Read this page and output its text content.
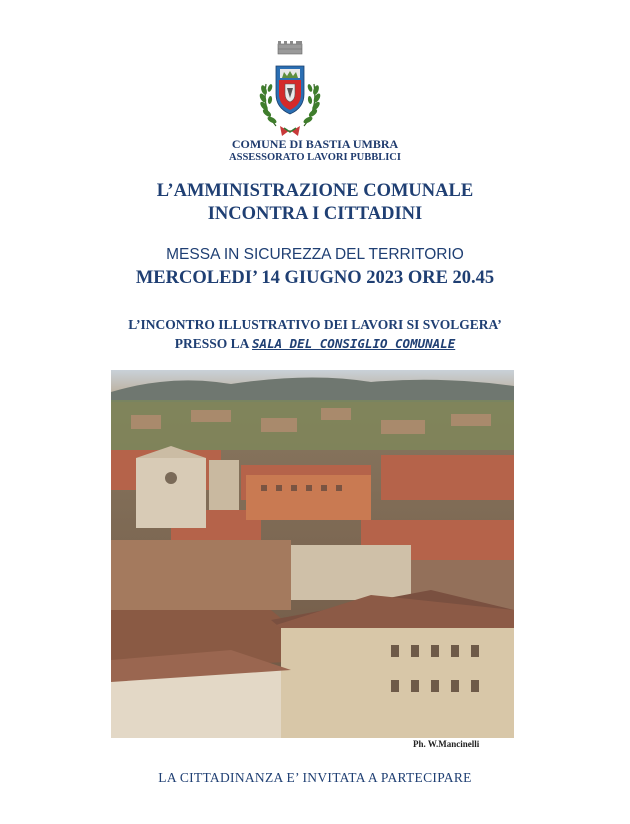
COMUNE DI BASTIA UMBRA
ASSESSORATO LAVORI PUBBLICI
L’AMMINISTRAZIONE COMUNALE
INCONTRA I CITTADINI
MESSA IN SICUREZZA DEL TERRITORIO
MERCOLEDI’ 14 GIUGNO 2023 ORE 20.45
L’INCONTRO ILLUSTRATIVO DEI LAVORI SI SVOLGERA’
PRESSO LA SALA DEL CONSIGLIO COMUNALE
Ph. W.Mancinelli
LA CITTADINANZA E’ INVITATA A PARTECIPARE
